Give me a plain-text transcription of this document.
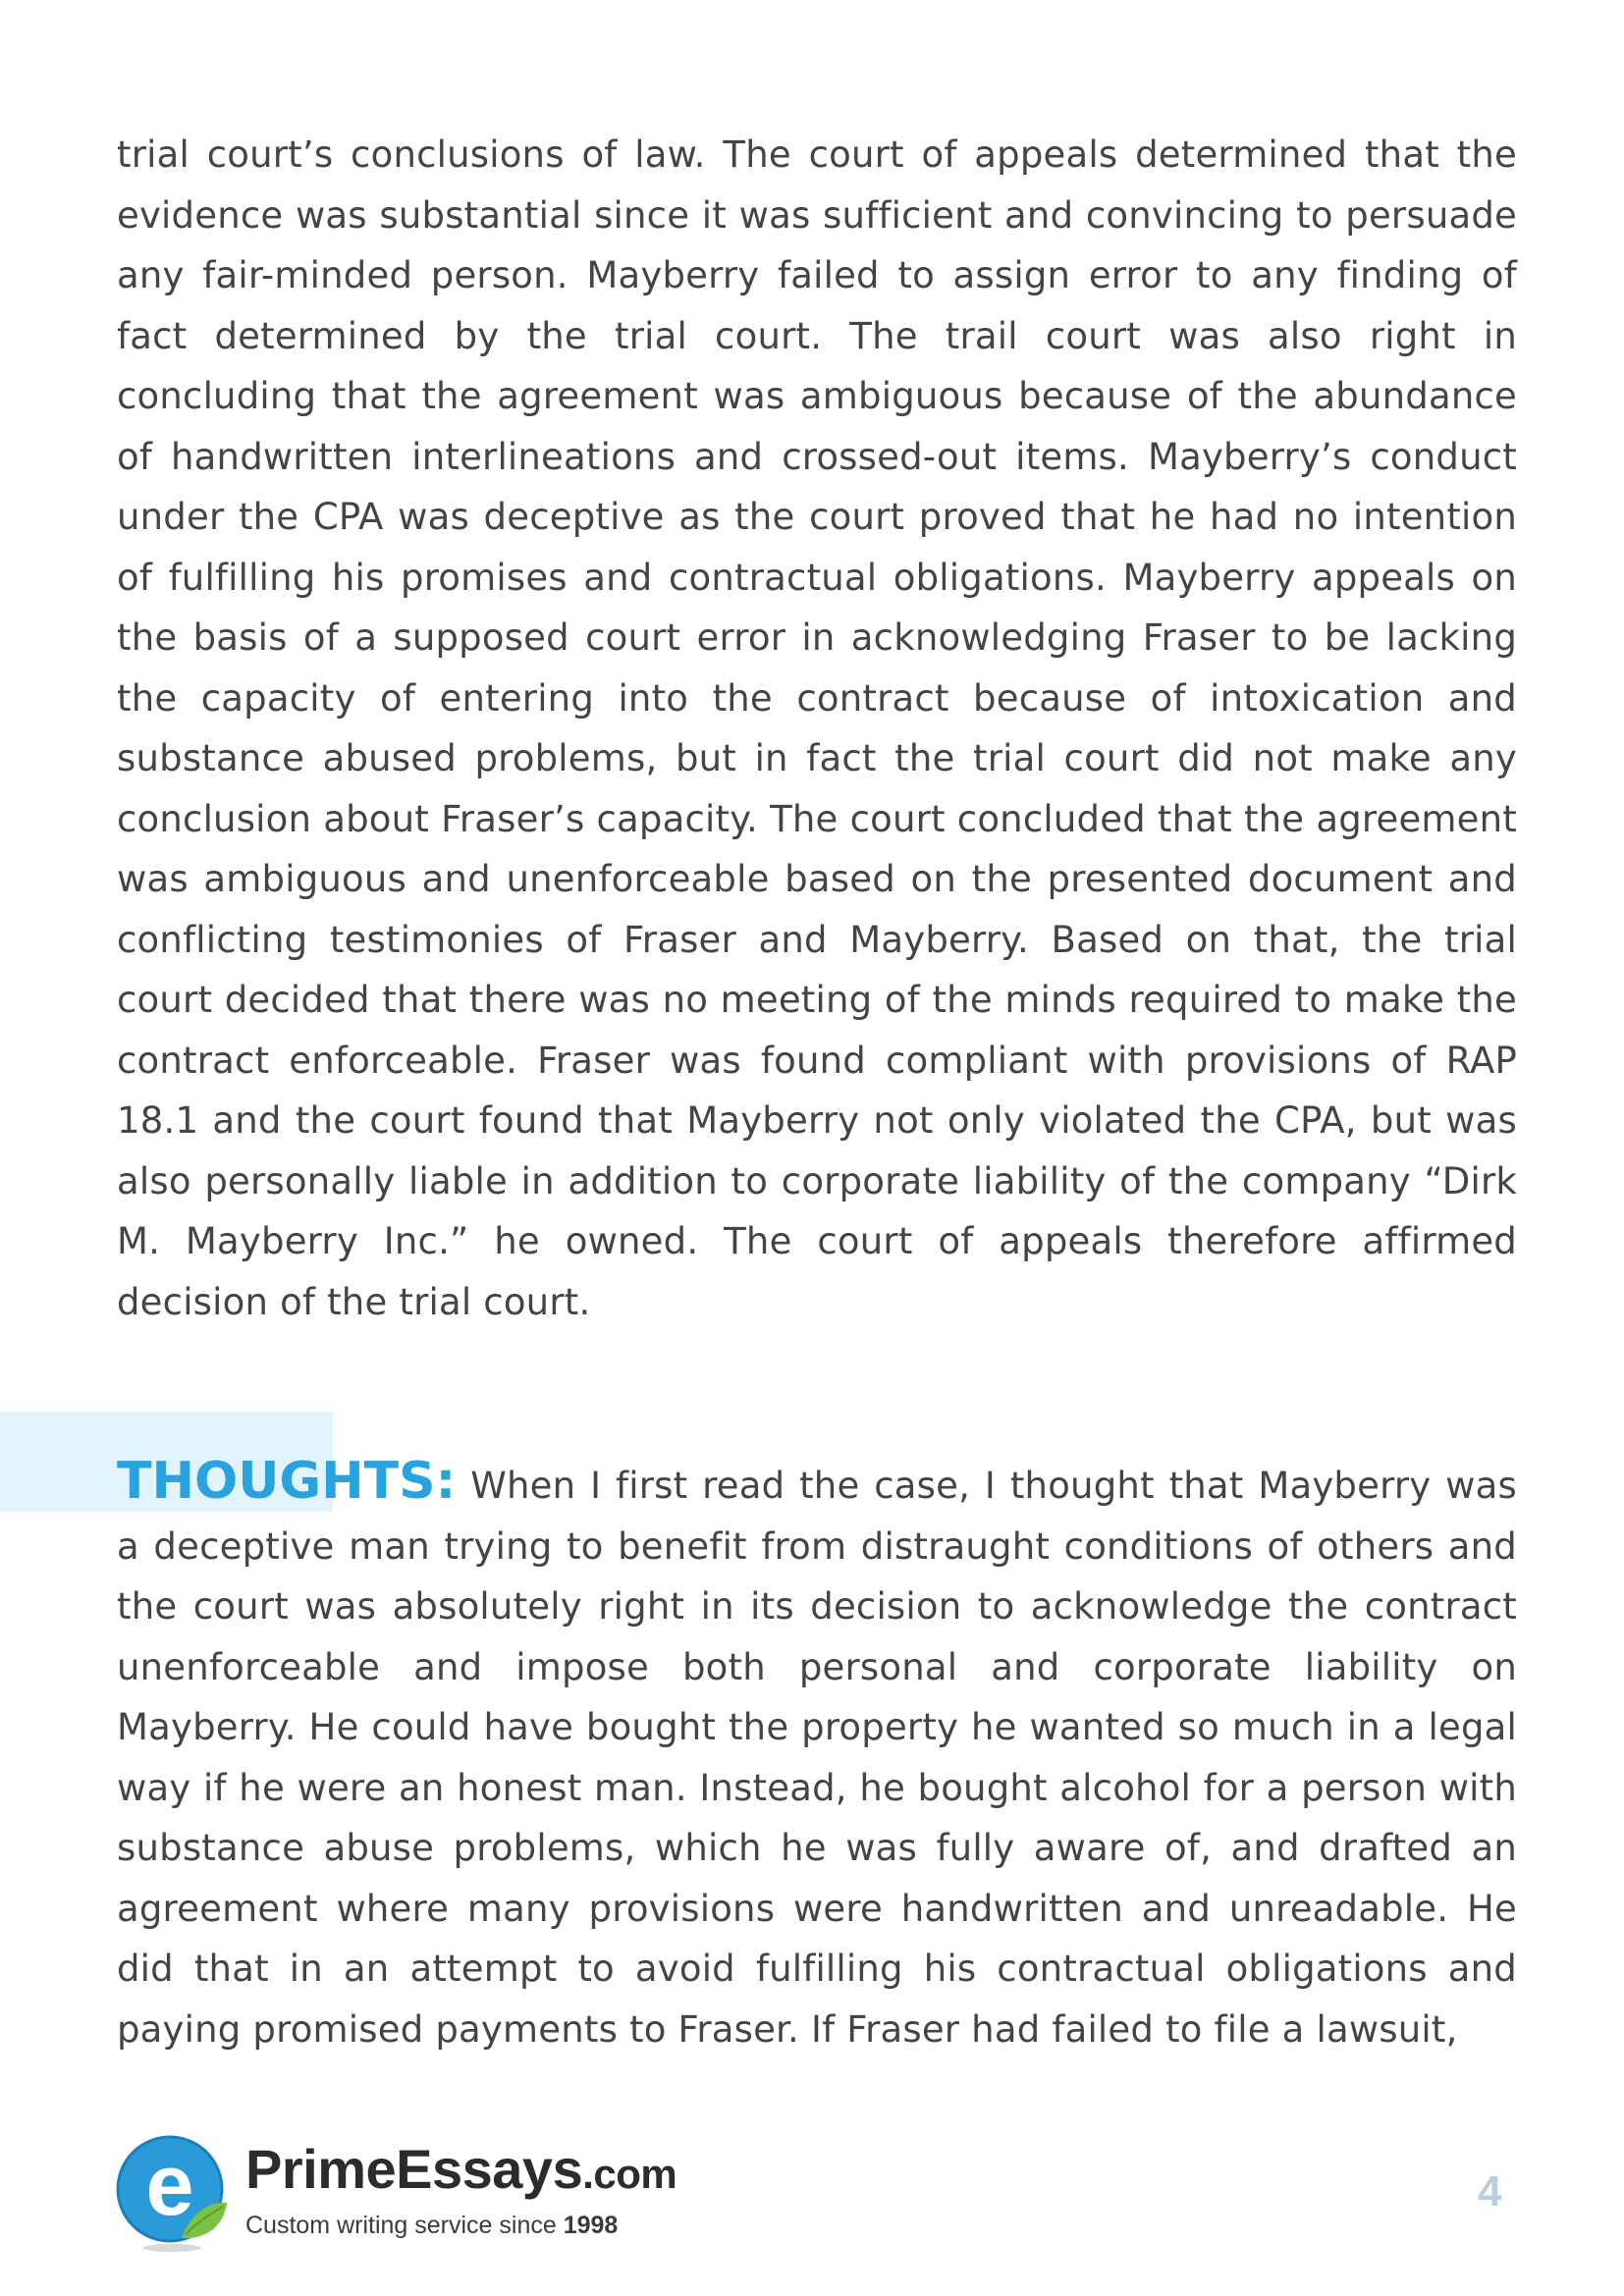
trial court’s conclusions of law. The court of appeals determined that the evidence was substantial since it was sufficient and convincing to persuade any fair-minded person. Mayberry failed to assign error to any finding of fact determined by the trial court. The trail court was also right in concluding that the agreement was ambiguous because of the abundance of handwritten interlineations and crossed-out items. Mayberry’s conduct under the CPA was deceptive as the court proved that he had no intention of fulfilling his promises and contractual obligations. Mayberry appeals on the basis of a supposed court error in acknowledging Fraser to be lacking the capacity of entering into the contract because of intoxication and substance abused problems, but in fact the trial court did not make any conclusion about Fraser’s capacity. The court concluded that the agreement was ambiguous and unenforceable based on the presented document and conflicting testimonies of Fraser and Mayberry. Based on that, the trial court decided that there was no meeting of the minds required to make the contract enforceable. Fraser was found compliant with provisions of RAP 18.1 and the court found that Mayberry not only violated the CPA, but was also personally liable in addition to corporate liability of the company “Dirk M. Mayberry Inc.” he owned. The court of appeals therefore affirmed decision of the trial court.

THOUGHTS: When I first read the case, I thought that Mayberry was a deceptive man trying to benefit from distraught conditions of others and the court was absolutely right in its decision to acknowledge the contract unenforceable and impose both personal and corporate liability on Mayberry. He could have bought the property he wanted so much in a legal way if he were an honest man. Instead, he bought alcohol for a person with substance abuse problems, which he was fully aware of, and drafted an agreement where many provisions were handwritten and unreadable. He did that in an attempt to avoid fulfilling his contractual obligations and paying promised payments to Fraser. If Fraser had failed to file a lawsuit,

e PrimeEssays.com
Custom writing service since 1998
4
